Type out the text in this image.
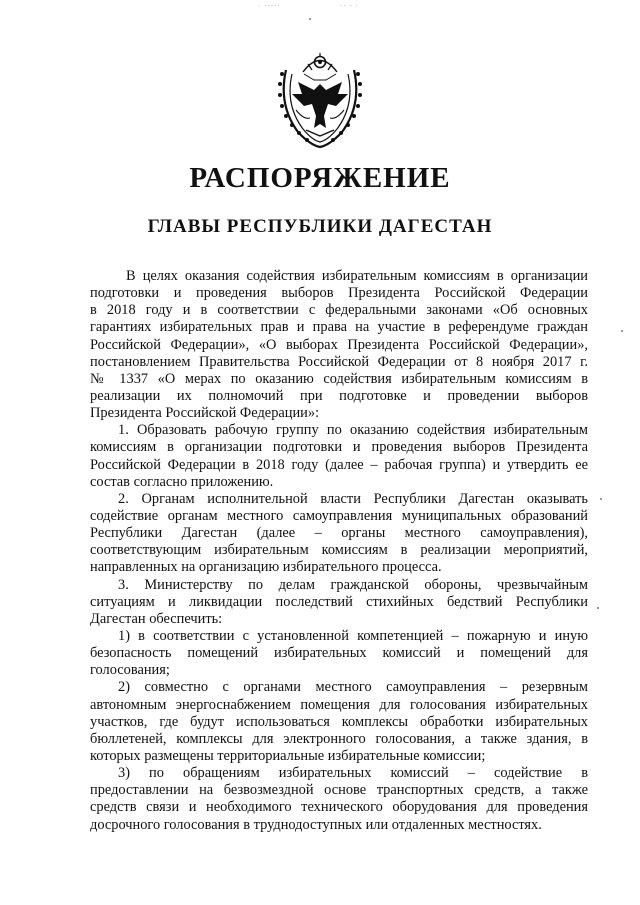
· ·····	·· · ·
РАСПОРЯЖЕНИЕ
ГЛАВЫ РЕСПУБЛИКИ ДАГЕСТАН
В целях оказания содействия избирательным комиссиям в организации
подготовки и проведения выборов Президента Российской Федерации
в 2018 году и в соответствии с федеральными законами «Об основных
гарантиях избирательных прав и права на участие в референдуме граждан
Российской Федерации», «О выборах Президента Российской Федерации»,
постановлением Правительства Российской Федерации от 8 ноября 2017 г.
№ 1337 «О мерах по оказанию содействия избирательным комиссиям в
реализации их полномочий при подготовке и проведении выборов
Президента Российской Федерации»:
1. Образовать рабочую группу по оказанию содействия избирательным
комиссиям в организации подготовки и проведения выборов Президента
Российской Федерации в 2018 году (далее – рабочая группа) и утвердить ее
состав согласно приложению.
2. Органам исполнительной власти Республики Дагестан оказывать
содействие органам местного самоуправления муниципальных образований
Республики Дагестан (далее – органы местного самоуправления),
соответствующим избирательным комиссиям в реализации мероприятий,
направленных на организацию избирательного процесса.
3. Министерству по делам гражданской обороны, чрезвычайным
ситуациям и ликвидации последствий стихийных бедствий Республики
Дагестан обеспечить:
1) в соответствии с установленной компетенцией – пожарную и иную
безопасность помещений избирательных комиссий и помещений для
голосования;
2) совместно с органами местного самоуправления – резервным
автономным энергоснабжением помещения для голосования избирательных
участков, где будут использоваться комплексы обработки избирательных
бюллетеней, комплексы для электронного голосования, а также здания, в
которых размещены территориальные избирательные комиссии;
3) по обращениям избирательных комиссий – содействие в
предоставлении на безвозмездной основе транспортных средств, а также
средств связи и необходимого технического оборудования для проведения
досрочного голосования в труднодоступных или отдаленных местностях.
